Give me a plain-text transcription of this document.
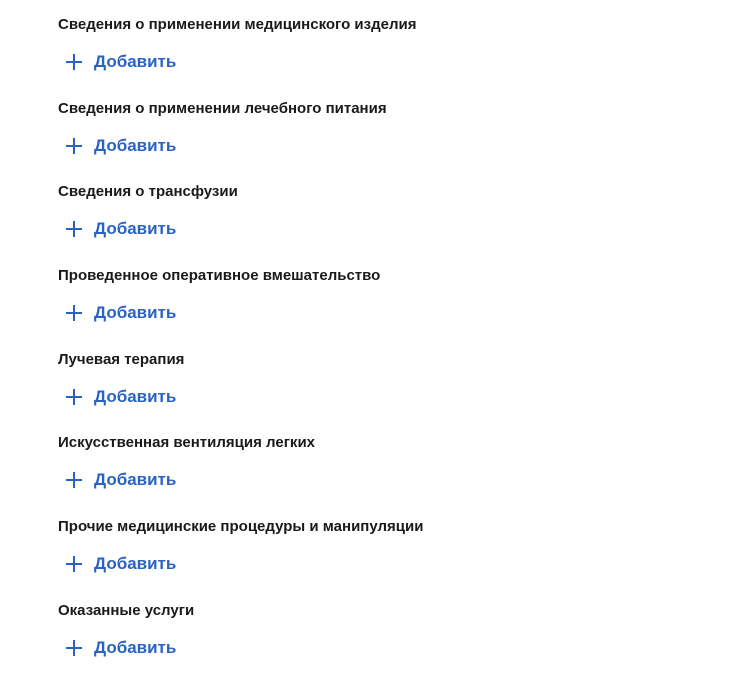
Сведения о применении медицинского изделия
Добавить
Сведения о применении лечебного питания
Добавить
Сведения о трансфузии
Добавить
Проведенное оперативное вмешательство
Добавить
Лучевая терапия
Добавить
Искусственная вентиляция легких
Добавить
Прочие медицинские процедуры и манипуляции
Добавить
Оказанные услуги
Добавить
